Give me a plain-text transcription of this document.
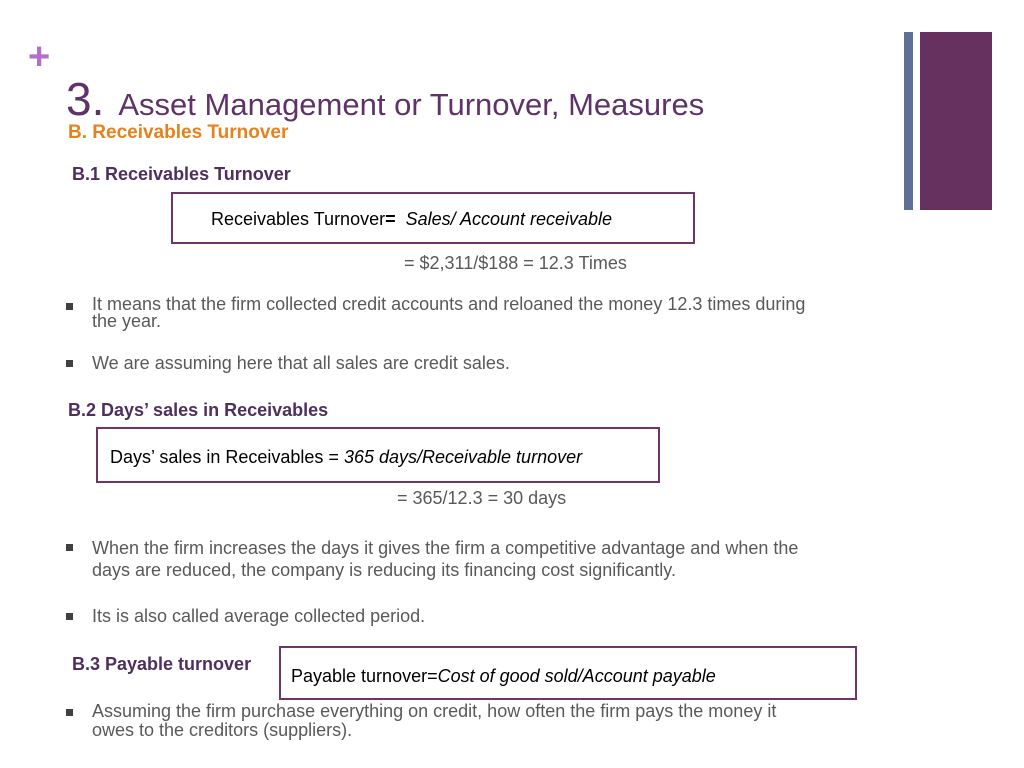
+
3. Asset Management or Turnover, Measures
B. Receivables Turnover
B.1 Receivables Turnover
Receivables Turnover= Sales/ Account receivable
= $2,311/$188 = 12.3 Times
It means that the firm collected credit accounts and reloaned the money 12.3 times during
the year.
We are assuming here that all sales are credit sales.
B.2 Days’ sales in Receivables
Days’ sales in Receivables = 365 days/Receivable turnover
= 365/12.3 = 30 days
When the firm increases the days it gives the firm a competitive advantage and when the
days are reduced, the company is reducing its financing cost significantly.
Its is also called average collected period.
B.3 Payable turnover
Payable turnover=Cost of good sold/Account payable
Assuming the firm purchase everything on credit, how often the firm pays the money it
owes to the creditors (suppliers).
